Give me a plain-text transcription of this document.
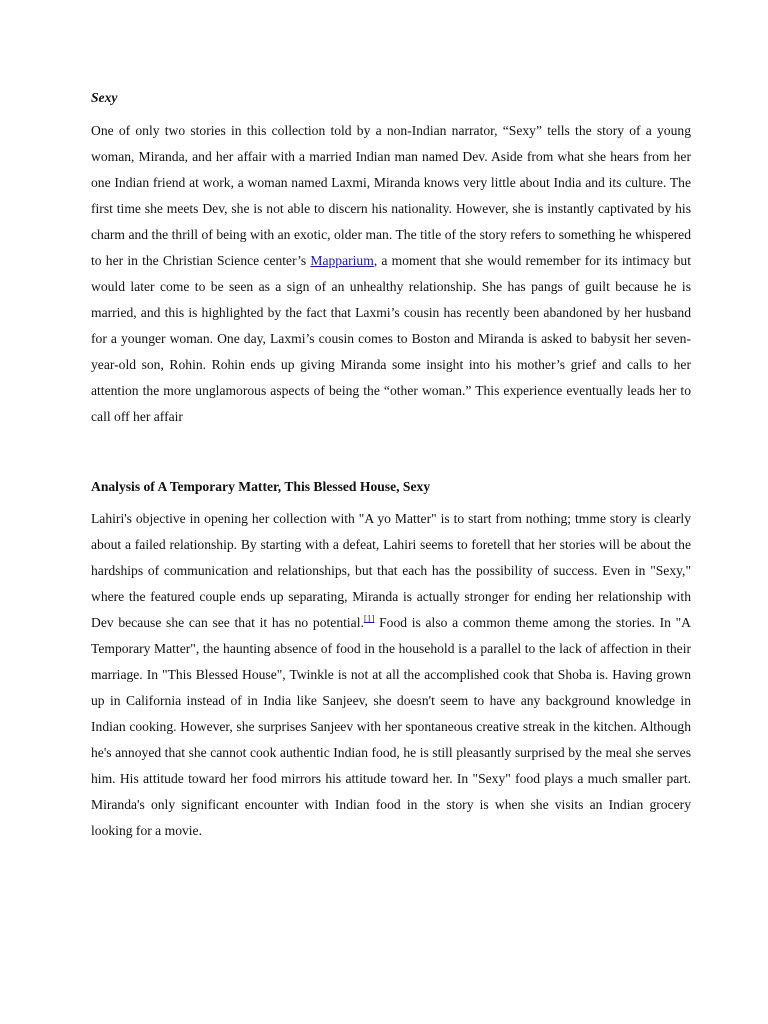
Sexy

One of only two stories in this collection told by a non-Indian narrator, “Sexy” tells the story of a young woman, Miranda, and her affair with a married Indian man named Dev. Aside from what she hears from her one Indian friend at work, a woman named Laxmi, Miranda knows very little about India and its culture. The first time she meets Dev, she is not able to discern his nationality. However, she is instantly captivated by his charm and the thrill of being with an exotic, older man. The title of the story refers to something he whispered to her in the Christian Science center’s Mapparium, a moment that she would remember for its intimacy but would later come to be seen as a sign of an unhealthy relationship. She has pangs of guilt because he is married, and this is highlighted by the fact that Laxmi’s cousin has recently been abandoned by her husband for a younger woman. One day, Laxmi’s cousin comes to Boston and Miranda is asked to babysit her seven-year-old son, Rohin. Rohin ends up giving Miranda some insight into his mother’s grief and calls to her attention the more unglamorous aspects of being the “other woman.” This experience eventually leads her to call off her affair

Analysis of A Temporary Matter, This Blessed House, Sexy

Lahiri's objective in opening her collection with "A yo Matter" is to start from nothing; tmme story is clearly about a failed relationship. By starting with a defeat, Lahiri seems to foretell that her stories will be about the hardships of communication and relationships, but that each has the possibility of success. Even in "Sexy," where the featured couple ends up separating, Miranda is actually stronger for ending her relationship with Dev because she can see that it has no potential.[1] Food is also a common theme among the stories. In "A Temporary Matter", the haunting absence of food in the household is a parallel to the lack of affection in their marriage. In "This Blessed House", Twinkle is not at all the accomplished cook that Shoba is. Having grown up in California instead of in India like Sanjeev, she doesn't seem to have any background knowledge in Indian cooking. However, she surprises Sanjeev with her spontaneous creative streak in the kitchen. Although he's annoyed that she cannot cook authentic Indian food, he is still pleasantly surprised by the meal she serves him. His attitude toward her food mirrors his attitude toward her. In "Sexy" food plays a much smaller part. Miranda's only significant encounter with Indian food in the story is when she visits an Indian grocery looking for a movie.
